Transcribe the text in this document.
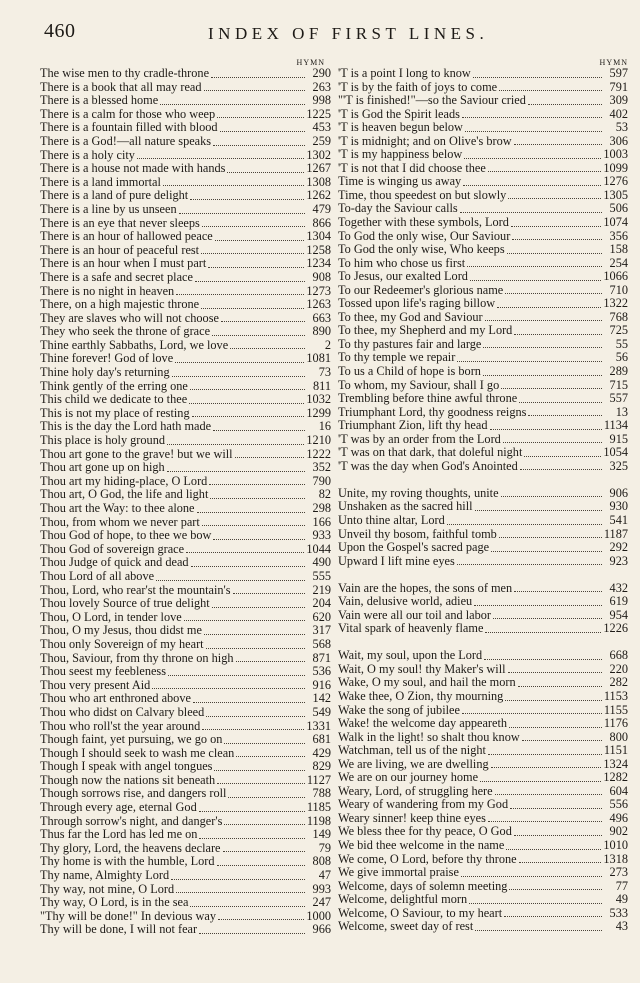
460	INDEX OF FIRST LINES.
HYMN
The wise men to thy cradle-throne	290
There is a book that all may read	263
There is a blessed home	998
There is a calm for those who weep	1225
There is a fountain filled with blood	453
There is a God!—all nature speaks	259
There is a holy city	1302
There is a house not made with hands	1267
There is a land immortal	1308
There is a land of pure delight	1262
There is a line by us unseen	479
There is an eye that never sleeps	866
There is an hour of hallowed peace	1304
There is an hour of peaceful rest	1258
There is an hour when I must part	1234
There is a safe and secret place	908
There is no night in heaven	1273
There, on a high majestic throne	1263
They are slaves who will not choose	663
They who seek the throne of grace	890
Thine earthly Sabbaths, Lord, we love	2
Thine forever! God of love	1081
Thine holy day's returning	73
Think gently of the erring one	811
This child we dedicate to thee	1032
This is not my place of resting	1299
This is the day the Lord hath made	16
This place is holy ground	1210
Thou art gone to the grave! but we will	1222
Thou art gone up on high	352
Thou art my hiding-place, O Lord	790
Thou art, O God, the life and light	82
Thou art the Way: to thee alone	298
Thou, from whom we never part	166
Thou God of hope, to thee we bow	933
Thou God of sovereign grace	1044
Thou Judge of quick and dead	490
Thou Lord of all above	555
Thou, Lord, who rear'st the mountain's	219
Thou lovely Source of true delight	204
Thou, O Lord, in tender love	620
Thou, O my Jesus, thou didst me	317
Thou only Sovereign of my heart	568
Thou, Saviour, from thy throne on high	871
Thou seest my feebleness	536
Thou very present Aid	916
Thou who art enthroned above	142
Thou who didst on Calvary bleed	549
Thou who roll'st the year around	1331
Though faint, yet pursuing, we go on	681
Though I should seek to wash me clean	429
Though I speak with angel tongues	829
Though now the nations sit beneath	1127
Though sorrows rise, and dangers roll	788
Through every age, eternal God	1185
Through sorrow's night, and danger's	1198
Thus far the Lord has led me on	149
Thy glory, Lord, the heavens declare	79
Thy home is with the humble, Lord	808
Thy name, Almighty Lord	47
Thy way, not mine, O Lord	993
Thy way, O Lord, is in the sea	247
"Thy will be done!" In devious way	1000
Thy will be done, I will not fear	966
HYMN
'T is a point I long to know	597
'T is by the faith of joys to come	791
"'T is finished!"—so the Saviour cried	309
'T is God the Spirit leads	402
'T is heaven begun below	53
'T is midnight; and on Olive's brow	306
'T is my happiness below	1003
'T is not that I did choose thee	1099
Time is winging us away	1276
Time, thou speedest on but slowly	1305
To-day the Saviour calls	506
Together with these symbols, Lord	1074
To God the only wise, Our Saviour	356
To God the only wise, Who keeps	158
To him who chose us first	254
To Jesus, our exalted Lord	1066
To our Redeemer's glorious name	710
Tossed upon life's raging billow	1322
To thee, my God and Saviour	768
To thee, my Shepherd and my Lord	725
To thy pastures fair and large	55
To thy temple we repair	56
To us a Child of hope is born	289
To whom, my Saviour, shall I go	715
Trembling before thine awful throne	557
Triumphant Lord, thy goodness reigns	13
Triumphant Zion, lift thy head	1134
'T was by an order from the Lord	915
'T was on that dark, that doleful night	1054
'T was the day when God's Anointed	325
Unite, my roving thoughts, unite	906
Unshaken as the sacred hill	930
Unto thine altar, Lord	541
Unveil thy bosom, faithful tomb	1187
Upon the Gospel's sacred page	292
Upward I lift mine eyes	923
Vain are the hopes, the sons of men	432
Vain, delusive world, adieu	619
Vain were all our toil and labor	954
Vital spark of heavenly flame	1226
Wait, my soul, upon the Lord	668
Wait, O my soul! thy Maker's will	220
Wake, O my soul, and hail the morn	282
Wake thee, O Zion, thy mourning	1153
Wake the song of jubilee	1155
Wake! the welcome day appeareth	1176
Walk in the light! so shalt thou know	800
Watchman, tell us of the night	1151
We are living, we are dwelling	1324
We are on our journey home	1282
Weary, Lord, of struggling here	604
Weary of wandering from my God	556
Weary sinner! keep thine eyes	496
We bless thee for thy peace, O God	902
We bid thee welcome in the name	1010
We come, O Lord, before thy throne	1318
We give immortal praise	273
Welcome, days of solemn meeting	77
Welcome, delightful morn	49
Welcome, O Saviour, to my heart	533
Welcome, sweet day of rest	43
